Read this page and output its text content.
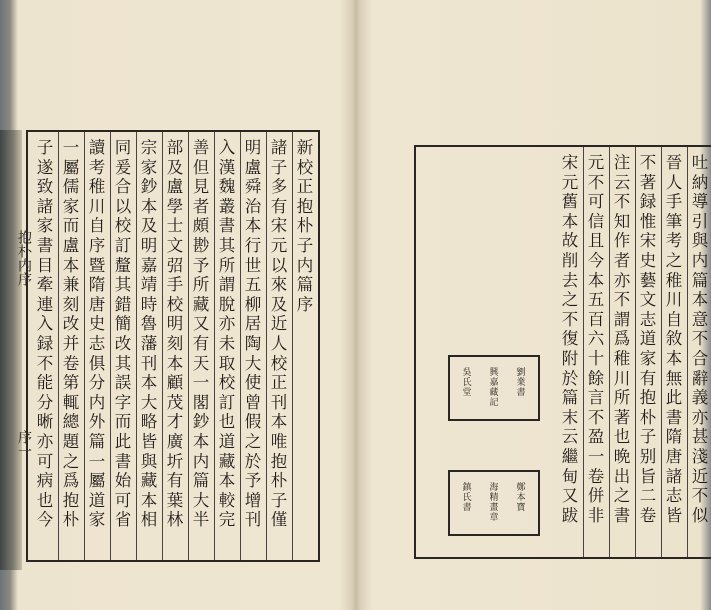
抱朴内序
序一
新
校
正
抱
朴
子
内
篇
序
諸
子
多
有
宋
元
以
來
及
近
人
校
正
刊
本
唯
抱
朴
子
僅
明
盧
舜
治
本
行
世
五
柳
居
陶
大
使
曾
假
之
於
予
增
刊
入
漢
魏
叢
書
其
所
謂
脫
亦
未
取
校
訂
也
道
藏
本
較
完
善
但
見
者
頗
尠
予
所
藏
又
有
天
一
閣
鈔
本
内
篇
大
半
部
及
盧
學
士
文
弨
手
校
明
刻
本
顧
茂
才
廣
圻
有
葉
林
宗
家
鈔
本
及
明
嘉
靖
時
魯
藩
刊
本
大
略
皆
與
藏
本
相
同
爰
合
以
校
訂
釐
其
錯
簡
改
其
誤
字
而
此
書
始
可
省
讀
考
稚
川
自
序
暨
隋
唐
史
志
俱
分
内
外
篇
一
屬
道
家
一
屬
儒
家
而
盧
本
兼
刻
改
并
卷
第
輒
總
題
之
爲
抱
朴
子
遂
致
諸
家
書
目
牽
連
入
録
不
能
分
晰
亦
可
病
也
今
吐
納
導
引
與
内
篇
本
意
不
合
辭
義
亦
甚
淺
近
不
似
晉
人
手
筆
考
之
稚
川
自
敘
本
無
此
書
隋
唐
諸
志
皆
不
著
録
惟
宋
史
藝
文
志
道
家
有
抱
朴
子
别
旨
二
卷
注
云
不
知
作
者
亦
不
謂
爲
稚
川
所
著
也
晩
出
之
書
元
不
可
信
且
今
本
五
百
六
十
餘
言
不
盈
一
卷
併
非
宋
元
舊
本
故
削
去
之
不
復
附
於
篇
末
云
繼
甸
又
跋
吳	興	劉
氏	嘉	業
堂	藏	書
記
鎮	海	鄭
氏	精	本
書	畫	寶
章
